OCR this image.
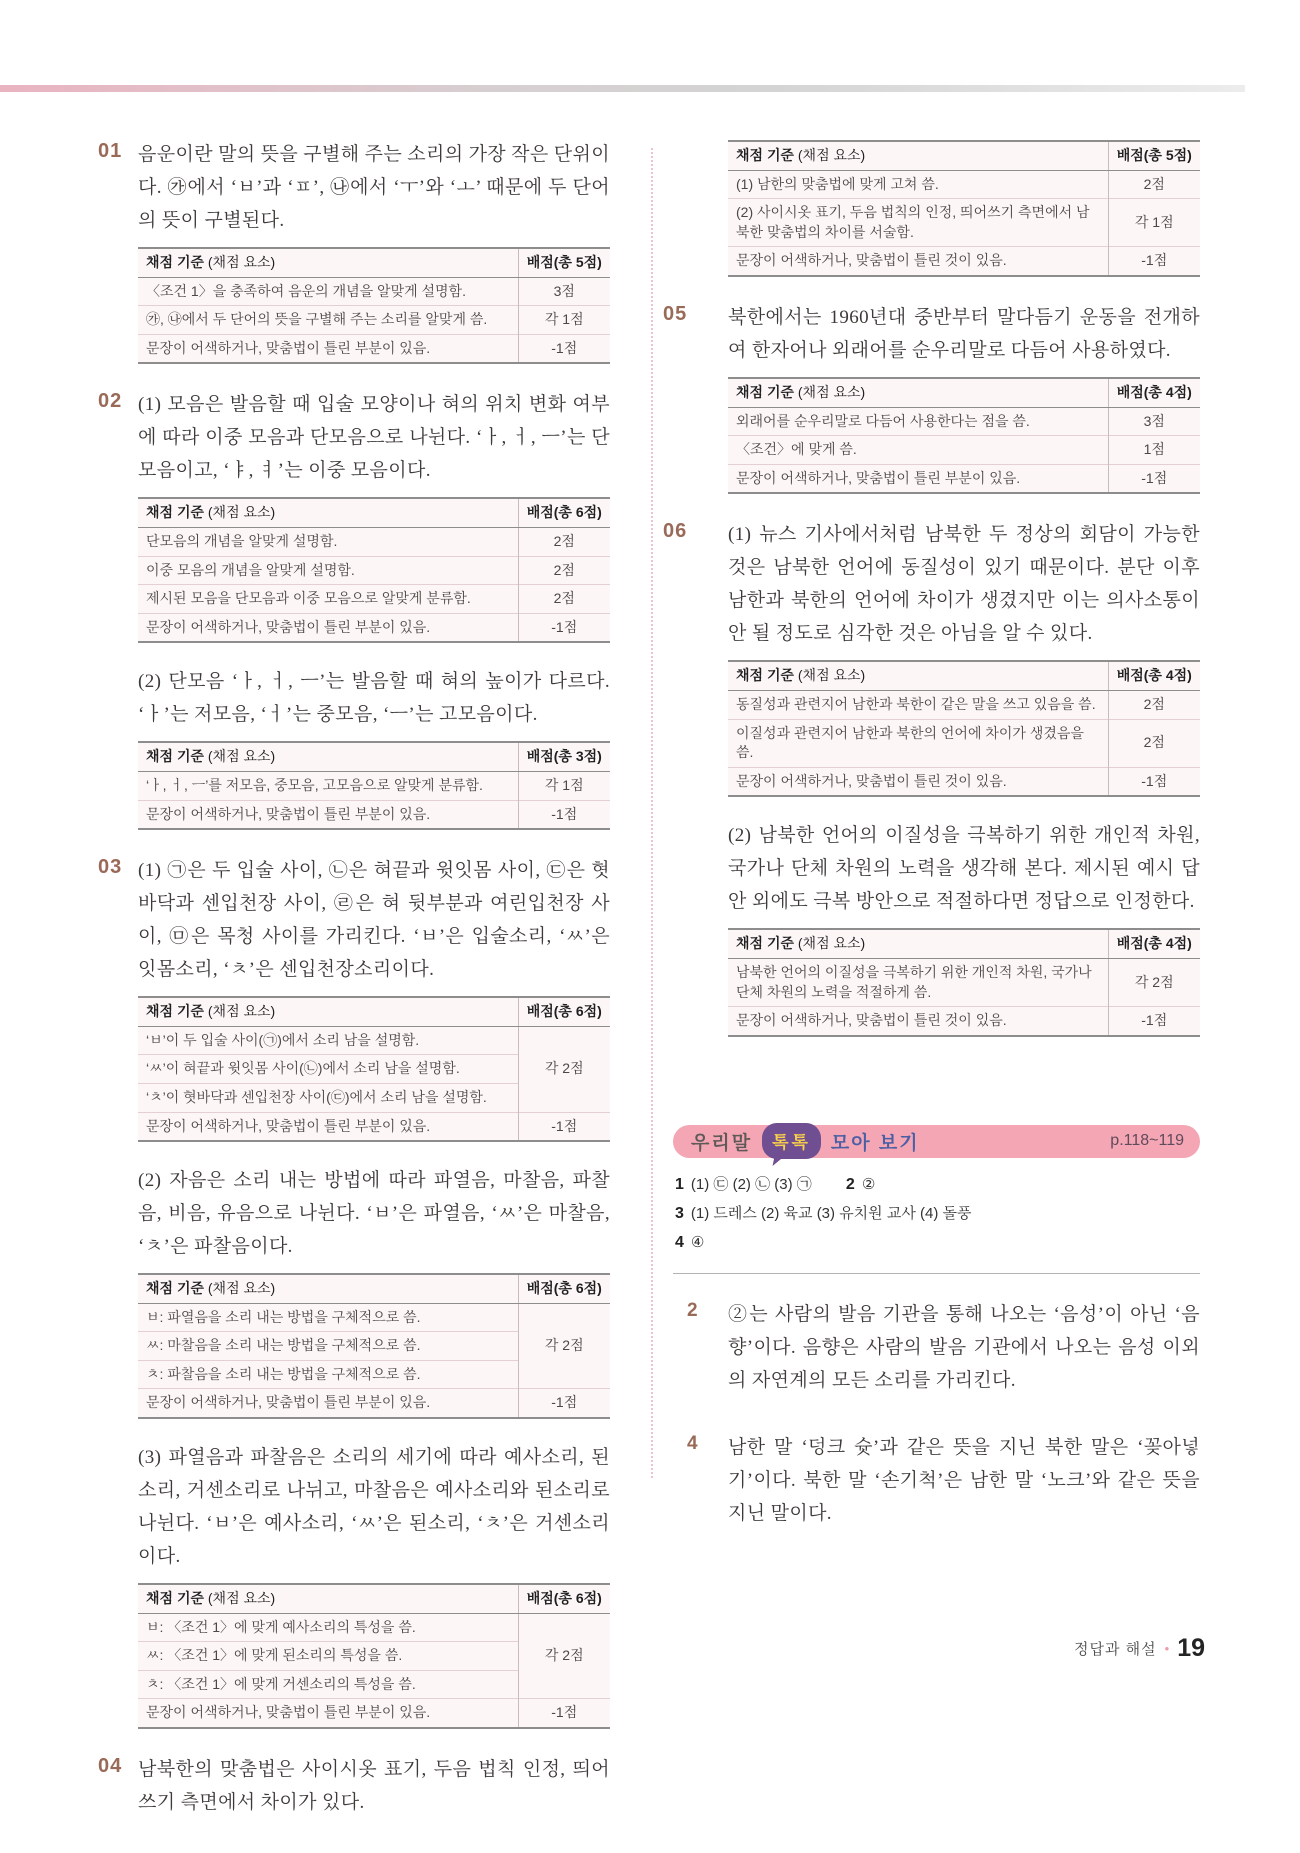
01 음운이란 말의 뜻을 구별해 주는 소리의 가장 작은 단위이다. ㉮에서 ‘ㅂ’과 ‘ㅍ’, ㉯에서 ‘ㅜ’와 ‘ㅗ’ 때문에 두 단어의 뜻이 구별된다.

채점 기준 (채점 요소)	배점(총 5점)
〈조건 1〉을 충족하여 음운의 개념을 알맞게 설명함.	3점
㉮, ㉯에서 두 단어의 뜻을 구별해 주는 소리를 알맞게 씀.	각 1점
문장이 어색하거나, 맞춤법이 틀린 부분이 있음.	-1점
02 (1) 모음은 발음할 때 입술 모양이나 혀의 위치 변화 여부에 따라 이중 모음과 단모음으로 나뉜다. ‘ㅏ, ㅓ, ㅡ’는 단모음이고, ‘ㅑ, ㅕ’는 이중 모음이다.

채점 기준 (채점 요소)	배점(총 6점)
단모음의 개념을 알맞게 설명함.	2점
이중 모음의 개념을 알맞게 설명함.	2점
제시된 모음을 단모음과 이중 모음으로 알맞게 분류함.	2점
문장이 어색하거나, 맞춤법이 틀린 부분이 있음.	-1점

(2) 단모음 ‘ㅏ, ㅓ, ㅡ’는 발음할 때 혀의 높이가 다르다. ‘ㅏ’는 저모음, ‘ㅓ’는 중모음, ‘ㅡ’는 고모음이다.

채점 기준 (채점 요소)	배점(총 3점)
‘ㅏ, ㅓ, ㅡ’를 저모음, 중모음, 고모음으로 알맞게 분류함.	각 1점
문장이 어색하거나, 맞춤법이 틀린 부분이 있음.	-1점
03 (1) ㉠은 두 입술 사이, ㉡은 혀끝과 윗잇몸 사이, ㉢은 혓바닥과 센입천장 사이, ㉣은 혀 뒷부분과 여린입천장 사이, ㉤은 목청 사이를 가리킨다. ‘ㅂ’은 입술소리, ‘ㅆ’은 잇몸소리, ‘ㅊ’은 센입천장소리이다.

채점 기준 (채점 요소)	배점(총 6점)
‘ㅂ’이 두 입술 사이(㉠)에서 소리 남을 설명함.	각 2점
‘ㅆ’이 혀끝과 윗잇몸 사이(㉡)에서 소리 남을 설명함.	
‘ㅊ’이 혓바닥과 센입천장 사이(㉢)에서 소리 남을 설명함.	
문장이 어색하거나, 맞춤법이 틀린 부분이 있음.	-1점

(2) 자음은 소리 내는 방법에 따라 파열음, 마찰음, 파찰음, 비음, 유음으로 나뉜다. ‘ㅂ’은 파열음, ‘ㅆ’은 마찰음, ‘ㅊ’은 파찰음이다.

채점 기준 (채점 요소)	배점(총 6점)
ㅂ: 파열음을 소리 내는 방법을 구체적으로 씀.	각 2점
ㅆ: 마찰음을 소리 내는 방법을 구체적으로 씀.	
ㅊ: 파찰음을 소리 내는 방법을 구체적으로 씀.	
문장이 어색하거나, 맞춤법이 틀린 부분이 있음.	-1점

(3) 파열음과 파찰음은 소리의 세기에 따라 예사소리, 된소리, 거센소리로 나뉘고, 마찰음은 예사소리와 된소리로 나뉜다. ‘ㅂ’은 예사소리, ‘ㅆ’은 된소리, ‘ㅊ’은 거센소리이다.

채점 기준 (채점 요소)	배점(총 6점)
ㅂ: 〈조건 1〉에 맞게 예사소리의 특성을 씀.	각 2점
ㅆ: 〈조건 1〉에 맞게 된소리의 특성을 씀.	
ㅊ: 〈조건 1〉에 맞게 거센소리의 특성을 씀.	
문장이 어색하거나, 맞춤법이 틀린 부분이 있음.	-1점
04 남북한의 맞춤법은 사이시옷 표기, 두음 법칙 인정, 띄어쓰기 측면에서 차이가 있다.

채점 기준 (채점 요소)	배점(총 5점)
(1) 남한의 맞춤법에 맞게 고쳐 씀.	2점
(2) 사이시옷 표기, 두음 법칙의 인정, 띄어쓰기 측면에서 남북한 맞춤법의 차이를 서술함.	각 1점
문장이 어색하거나, 맞춤법이 틀린 것이 있음.	-1점
05	북한에서는 1960년대 중반부터 말다듬기 운동을 전개하여 한자어나 외래어를 순우리말로 다듬어 사용하였다.

채점 기준 (채점 요소)	배점(총 4점)
외래어를 순우리말로 다듬어 사용한다는 점을 씀.	3점
〈조건〉에 맞게 씀.	1점
문장이 어색하거나, 맞춤법이 틀린 부분이 있음.	-1점
06	(1) 뉴스 기사에서처럼 남북한 두 정상의 회담이 가능한 것은 남북한 언어에 동질성이 있기 때문이다. 분단 이후 남한과 북한의 언어에 차이가 생겼지만 이는 의사소통이 안 될 정도로 심각한 것은 아님을 알 수 있다.

채점 기준 (채점 요소)	배점(총 4점)
동질성과 관련지어 남한과 북한이 같은 말을 쓰고 있음을 씀.	2점
이질성과 관련지어 남한과 북한의 언어에 차이가 생겼음을 씀.	2점
문장이 어색하거나, 맞춤법이 틀린 것이 있음.	-1점

(2) 남북한 언어의 이질성을 극복하기 위한 개인적 차원, 국가나 단체 차원의 노력을 생각해 본다. 제시된 예시 답안 외에도 극복 방안으로 적절하다면 정답으로 인정한다.

채점 기준 (채점 요소)	배점(총 4점)
남북한 언어의 이질성을 극복하기 위한 개인적 차원, 국가나 단체 차원의 노력을 적절하게 씀.	각 2점
문장이 어색하거나, 맞춤법이 틀린 것이 있음.	-1점
우리말	톡톡	모아 보기	p.118~119
1 (1) ㉢ (2) ㉡ (3) ㉠ 2 ② 3 (1) 드레스 (2) 육교 (3) 유치원 교사 (4) 돌풍
4 ④
2	②는 사람의 발음 기관을 통해 나오는 ‘음성’이 아닌 ‘음향’이다. 음향은 사람의 발음 기관에서 나오는 음성 이외의 자연계의 모든 소리를 가리킨다.

4	남한 말 ‘덩크 슛’과 같은 뜻을 지닌 북한 말은 ‘꽂아넣기’이다. 북한 말 ‘손기척’은 남한 말 ‘노크’와 같은 뜻을 지닌 말이다.

정답과 해설 • 19
